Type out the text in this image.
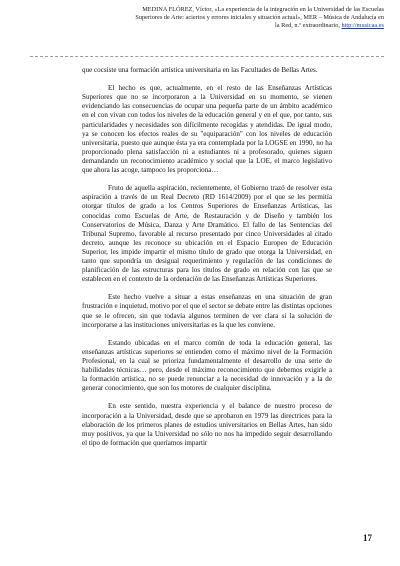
MEDINA FLÓREZ, Víctor, «La experiencia de la integración en la Universidad de las Escuelas Superiores de Arte: aciertos y errores iniciales y situación actual», MER – Música de Andalucía en la Red, n.º extraordinario, http://musicaa.es

que cocsiste una formación artística universitaria en las Facultades de Bellas Artes.

El hecho es que, actualmente, en el resto de las Enseñanzas Artísticas Superiores que no se incorporaron a la Universidad en su momento, se vienen evidenciando las consecuencias de ocupar una pequeña parte de un ámbito académico en el con vivan con todos los niveles de la educación general y en el que, por tanto, sus particularidades y necesidades son difícilmente recogidas y atendidas. De igual modo, ya se conocen los efectos reales de su "equiparación" con los niveles de educación universitaria, puesto que aunque ésta ya era contemplada por la LOGSE en 1990, no ha proporcionado plena satisfacción ni a estudiantes ni a profesorado, quienes siguen demandando un reconocimiento académico y social que la LOE, el marco legislativo que ahora las acoge, tampoco les proporciona…

Fruto de aquella aspiración, recientemente, el Gobierno trazó de resolver esta aspiración a través de un Real Decreto (RD 1614/2009) por el que se les permitía otorgar títulos de grado a los Centros Superiores de Enseñanzas Artísticas, las conocidas como Escuelas de Arte, de Restauración y de Diseño y también los Conservatorios de Música, Danza y Arte Dramático. El fallo de las Sentencias del Tribunal Supremo, favorable al recurso presentado por cinco Universidades al citado decreto, aunque les reconoce su ubicación en el Espacio Europeo de Educación Superior, les impide impartir el mismo título de grado que otorga la Universidad, en tanto que supondría un desigual requerimiento y regulación de las condiciones de planificación de las estructuras para los títulos de grado en relación con las que se establecen en el contexto de la ordenación de las Enseñanzas Artísticas Superiores.

Este hecho vuelve a situar a estas enseñanzas en una situación de gran frustración e inquietud, motivo por el que el sector se debate entre las distintas opciones que se le ofrecen, sin que todavía algunos terminen de ver clara si la solución de incorporarse a las instituciones universitarias es la que les conviene.

Estando ubicadas en el marco común de toda la educación general, las enseñanzas artísticas superiores se entienden como el máximo nivel de la Formación Profesional, en la cual se prioriza fundamentalmente el desarrollo de una serie de habilidades técnicas… pero, desde el máximo reconocimiento que debemos exigirle a la formación artística, no se puede renunciar a la necesidad de innovación y a la de generar conocimiento, que son los motores de cualquier disciplina.

En este sentido, nuestra experiencia y el balance de nuestro proceso de incorporación a la Universidad, desde que se aprobaron en 1979 las directrices para la elaboración de los primeros planes de estudios universitarios en Bellas Artes, han sido muy positivos, ya que la Universidad no sólo no nos ha impedido seguir desarrollando el tipo de formación que queríamos impartir

17
